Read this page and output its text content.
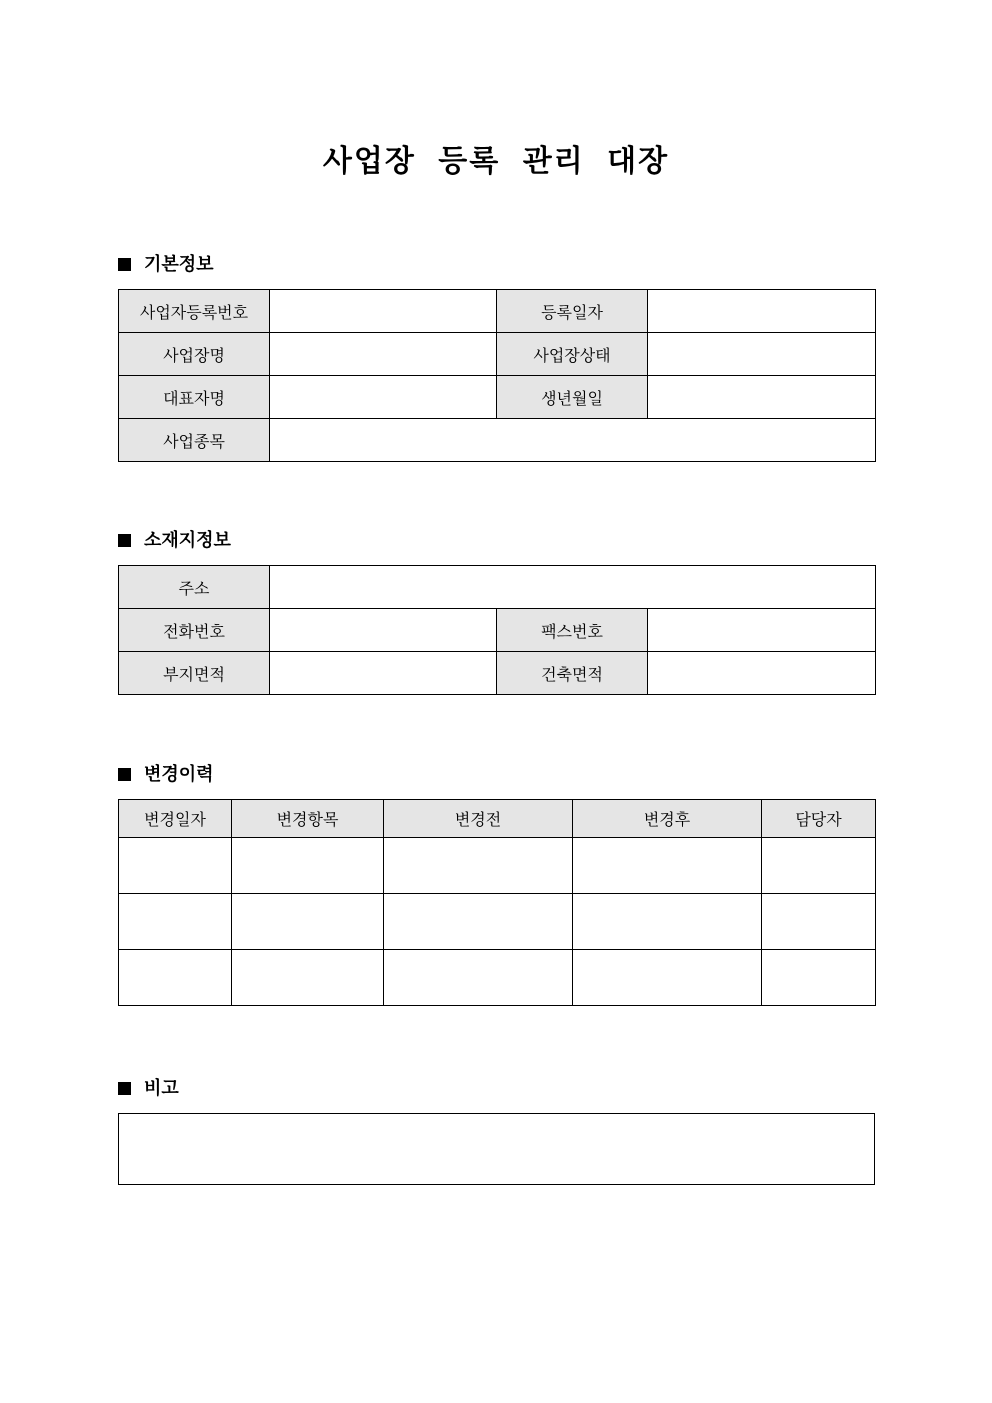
사업장 등록 관리 대장
기본정보
사업자등록번호		등록일자	
사업장명		사업장상태	
대표자명		생년월일	
사업종목			
소재지정보
주소			
전화번호		팩스번호	
부지면적		건축면적	
변경이력
변경일자	변경항목	변경전	변경후	담당자

비고
